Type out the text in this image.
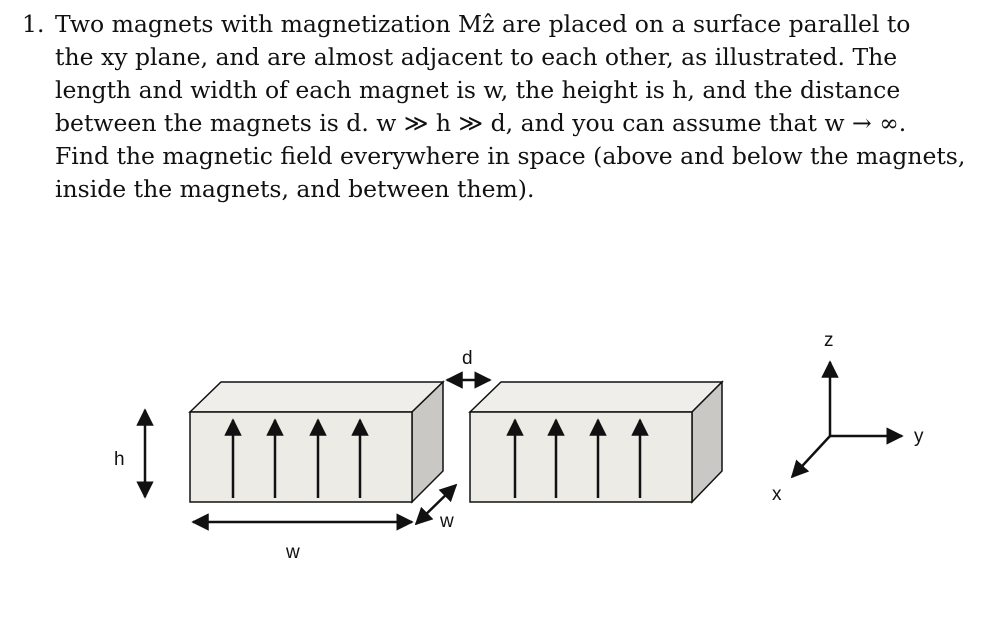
1. Two magnets with magnetization Mẑ are placed on a surface parallel to
the xy plane, and are almost adjacent to each other, as illustrated. The
length and width of each magnet is w, the height is h, and the distance
between the magnets is d. w ≫ h ≫ d, and you can assume that w → ∞.
Find the magnetic field everywhere in space (above and below the magnets,
inside the magnets, and between them).
h
w
w
d
z
y
x
